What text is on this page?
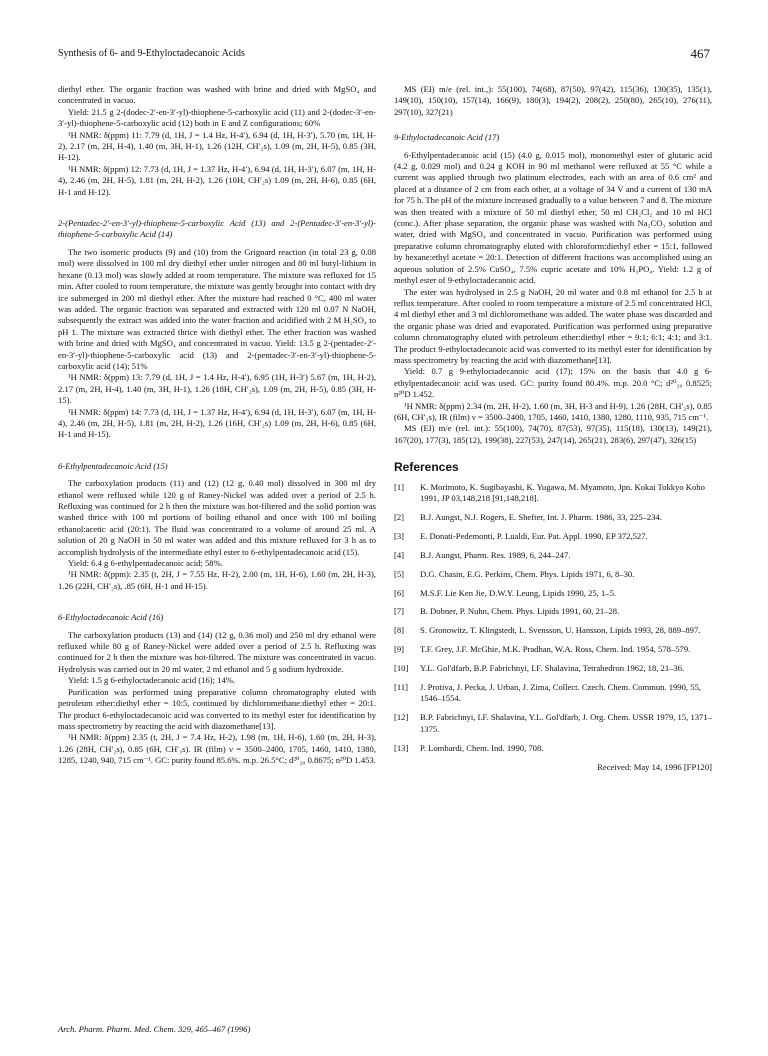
Synthesis of 6- and 9-Ethyloctadecanoic Acids	467

diethyl ether. The organic fraction was washed with brine and dried with MgSO₄ and concentrated in vacuo.

Yield: 21.5 g 2-(dodec-2′-en-3′-yl)-thiophene-5-carboxylic acid (11) and 2-(dodec-3′-en-3′-yl)-thiophene-5-carboxylic acid (12) both in E and Z configurations; 60%

¹H NMR: δ(ppm) 11: 7.79 (d, 1H, J = 1.4 Hz, H-4′), 6.94 (d, 1H, H-3′), 5.70 (m, 1H, H-2), 2.17 (m, 2H, H-4), 1.40 (m, 3H, H-1), 1.26 (12H, CH′₂s), 1.09 (m, 2H, H-5), 0.85 (3H, H-12).

¹H NMR: δ(ppm) 12: 7.73 (d, 1H, J = 1.37 Hz, H-4′), 6.94 (d, 1H, H-3′), 6.07 (m, 1H, H-4), 2.46 (m, 2H, H-5), 1.81 (m, 2H, H-2), 1.26 (10H, CH′₂s) 1.09 (m, 2H, H-6), 0.85 (6H, H-1 and H-12).

2-(Pentadec-2′-en-3′-yl)-thiophene-5-carboxylic Acid (13) and 2-(Pentadec-3′-en-3′-yl)-thiophene-5-carboxylic Acid (14)

The two isomeric products (9) and (10) from the Grignard reaction (in total 23 g, 0.08 mol) were dissolved in 100 ml dry diethyl ether under nitrogen and 80 ml butyl-lithium in hexane (0.13 mol) was slowly added at room temperature. The mixture was refluxed for 15 min. After cooled to room temperature, the mixture was gently brought into contact with dry ice submerged in 200 ml diethyl ether. After the mixture had reached 0 °C, 400 ml water was added. The organic fraction was separated and extracted with 120 ml 0.07 N NaOH, subsequently the extract was added into the water fraction and acidified with 2 M H₂SO₄ to pH 1. The mixture was extracted thrice with diethyl ether. The ether fraction was washed with brine and dried with MgSO₄ and concentrated in vacuo. Yield: 13.5 g 2-(pentadec-2′-en-3′-yl)-thiophene-5-carboxylic acid (13) and 2-(pentadec-3′-en-3′-yl)-thiophene-5-carboxylic acid (14); 51%

¹H NMR: δ(ppm) 13: 7.79 (d, 1H, J = 1.4 Hz, H-4′), 6.95 (1H, H-3′) 5.67 (m, 1H, H-2), 2.17 (m, 2H, H-4), 1.40 (m, 3H, H-1), 1.26 (18H, CH′₂s), 1.09 (m, 2H, H-5), 0.85 (3H, H-15).

¹H NMR: δ(ppm) 14: 7.73 (d, 1H, J = 1.37 Hz, H-4′), 6.94 (d, 1H, H-3′), 6.07 (m, 1H, H-4), 2.46 (m, 2H, H-5), 1.81 (m, 2H, H-2), 1.26 (16H, CH′₂s) 1.09 (m, 2H, H-6), 0.85 (6H, H-1 and H-15).

6-Ethylpentadecanoic Acid (15)

The carboxylation products (11) and (12) (12 g, 0.40 mol) dissolved in 300 ml dry ethanol were refluxed while 120 g of Raney-Nickel was added over a period of 2.5 h. Refluxing was continued for 2 h then the mixture was hot-filtered and the solid portion was washed thrice with 100 ml portions of boiling ethanol and once with 100 ml boiling ethanol:acetic acid (20:1). The fluid was concentrated to a volume of around 25 ml. A solution of 20 g NaOH in 50 ml water was added and this mixture refluxed for 3 h as to accomplish hydrolysis of the intermediate ethyl ester to 6-ethylpentadecanoic acid (15).

Yield: 6.4 g 6-ethylpentadecanoic acid; 58%.

¹H NMR: δ(ppm): 2.35 (t, 2H, J = 7.55 Hz, H-2), 2.00 (m, 1H, H-6), 1.60 (m, 2H, H-3), 1.26 (22H, CH′₂s), .85 (6H, H-1 and H-15).

6-Ethyloctadecanoic Acid (16)

The carboxylation products (13) and (14) (12 g, 0.36 mol) and 250 ml dry ethanol were refluxed while 80 g of Raney-Nickel were added over a period of 2.5 h. Refluxing was continued for 2 h then the mixture was hot-filtered. The mixture was concentrated in vacuo. Hydrolysis was carried out in 20 ml water, 2 ml ethanol and 5 g sodium hydroxide.

Yield: 1.5 g 6-ethyloctadecanoic acid (16); 14%.

Purification was performed using preparative column chromatography eluted with petroleum ether:diethyl ether = 10:5, continued by dichloromethane:diethyl ether = 20:1. The product 6-ethyloctadecanoic acid was converted to its methyl ester for identification by mass spectrometry by reacting the acid with diazomethane[13].

¹H NMR: δ(ppm) 2.35 (t, 2H, J = 7.4 Hz, H-2), 1.98 (m, 1H, H-6), 1.60 (m, 2H, H-3), 1.26 (28H, CH′₂s), 0.85 (6H, CH′₃s). IR (film) ν = 3500–2400, 1705, 1460, 1410, 1380, 1285, 1240, 940, 715 cm⁻¹. GC: purity found 85.6%. m.p. 26.5°C; d²⁰₂₀ 0.8675; n²⁰D 1.453.

MS (EI) m/e (rel. int.,): 55(100), 74(68), 87(50), 97(42), 115(36), 130(35), 135(1), 149(10), 150(10), 157(14), 166(9), 180(3), 194(2), 208(2), 250(80), 265(10), 276(11), 297(10), 327(21)

9-Ethyloctadecanoic Acid (17)

6-Ethylpentadecanoic acid (15) (4.0 g, 0.015 mol), monomethyl ester of glutaric acid (4.2 g, 0.029 mol) and 0.24 g KOH in 90 ml methanol were refluxed at 55 °C while a current was applied through two platinum electrodes, each with an area of 0.6 cm² and placed at a distance of 2 cm from each other, at a voltage of 34 V and a current of 130 mA for 75 h. The pH of the mixture increased gradually to a value between 7 and 8. The mixture was then treated with a mixture of 50 ml diethyl ether, 50 ml CH₂Cl₂ and 10 ml HCl (conc.). After phase separation, the organic phase was washed with Na₂CO₃ solution and water, dried with MgSO₄ and concentrated in vacuo. Purification was performed using preparative column chromatography eluted with chloroform:diethyl ether = 15:1, followed by hexane:ethyl acetate = 20:1. Detection of different fractions was accomplished using an aqueous solution of 2.5% CuSO₄, 7.5% cupric acetate and 10% H₃PO₄. Yield: 1.2 g of methyl ester of 9-ethyloctadecanoic acid.

The ester was hydrolysed in 2.5 g NaOH, 20 ml water and 0.8 ml ethanol for 2.5 h at reflux temperature. After cooled to room temperature a mixture of 2.5 ml concentrated HCl, 4 ml diethyl ether and 3 ml dichloromethane was added. The water phase was discarded and the organic phase was dried and evaporated. Purification was performed using preparative column chromatography eluted with petroleum ether:diethyl ether = 9:1; 6:1; 4:1; and 3:1. The product 9-ethyloctadecanoic acid was converted to its methyl ester for identification by mass spectrometry by reacting the acid with diazomethane[13].

Yield: 0.7 g 9-ethyloctadecanoic acid (17); 15% on the basis that 4.0 g 6-ethylpentadecanoic acid was used. GC: purity found 80.4%. m.p. 20.0 °C; d²⁰₂₀ 0.8525; n²⁰D 1.452.

¹H NMR: δ(ppm) 2.34 (m, 2H, H-2), 1.60 (m, 3H, H-3 and H-9), 1.26 (28H, CH′₂s), 0.85 (6H, CH′₃s), IR (film) ν = 3500–2400, 1705, 1460, 1410, 1380, 1280, 1110, 935, 715 cm⁻¹.

MS (EI) m/e (rel. int.): 55(100), 74(70), 87(53), 97(35), 115(18), 130(13), 149(21), 167(20), 177(3), 185(12), 199(38), 227(53), 247(14), 265(21), 283(6), 297(47), 326(15)

References
[1] K. Morimoto, K. Sugibayashi, K. Yugawa, M. Myamoto, Jpn. Kokai Tokkyo Koho 1991, JP 03,148,218 [91,148,218].
[2] B.J. Aungst, N.J. Rogers, E. Shefter, Int. J. Pharm. 1986, 33, 225–234.
[3] E. Donati-Pedemonti, P. Lualdi, Eur. Pat. Appl. 1990, EP 372,527.
[4] B.J. Aungst, Pharm. Res. 1989, 6, 244–247.
[5] D.G. Chasin, E.G. Perkins, Chem. Phys. Lipids 1971, 6, 8–30.
[6] M.S.F. Lie Ken Jie, D.W.Y. Leung, Lipids 1990, 25, 1–5.
[7] B. Dobner, P. Nuhn, Chem. Phys. Lipids 1991, 60, 21–28.
[8] S. Gronowitz, T. Klingstedt, L. Svensson, U. Hansson, Lipids 1993, 28, 889–897.
[9] T.F. Grey, J.F. McGhie, M.K. Pradhan, W.A. Ross, Chem. Ind. 1954, 578–579.
[10] Y.L. Gol'dfarb, B.P. Fabrichnyi, I.F. Shalavina, Tetrahedron 1962, 18, 21–36.
[11] J. Protiva, J. Pecka, J. Urban, J. Zima, Collect. Czech. Chem. Commun. 1990, 55, 1546–1554.
[12] B.P. Fabrichnyi, I.F. Shalavina, Y.L. Gol'dfarb, J. Org. Chem. USSR 1979, 15, 1371–1375.
[13] P. Lombardi, Chem. Ind. 1990, 708.
Received: May 14, 1996 [FP120]
Arch. Pharm. Pharm. Med. Chem. 329, 465–467 (1996)
